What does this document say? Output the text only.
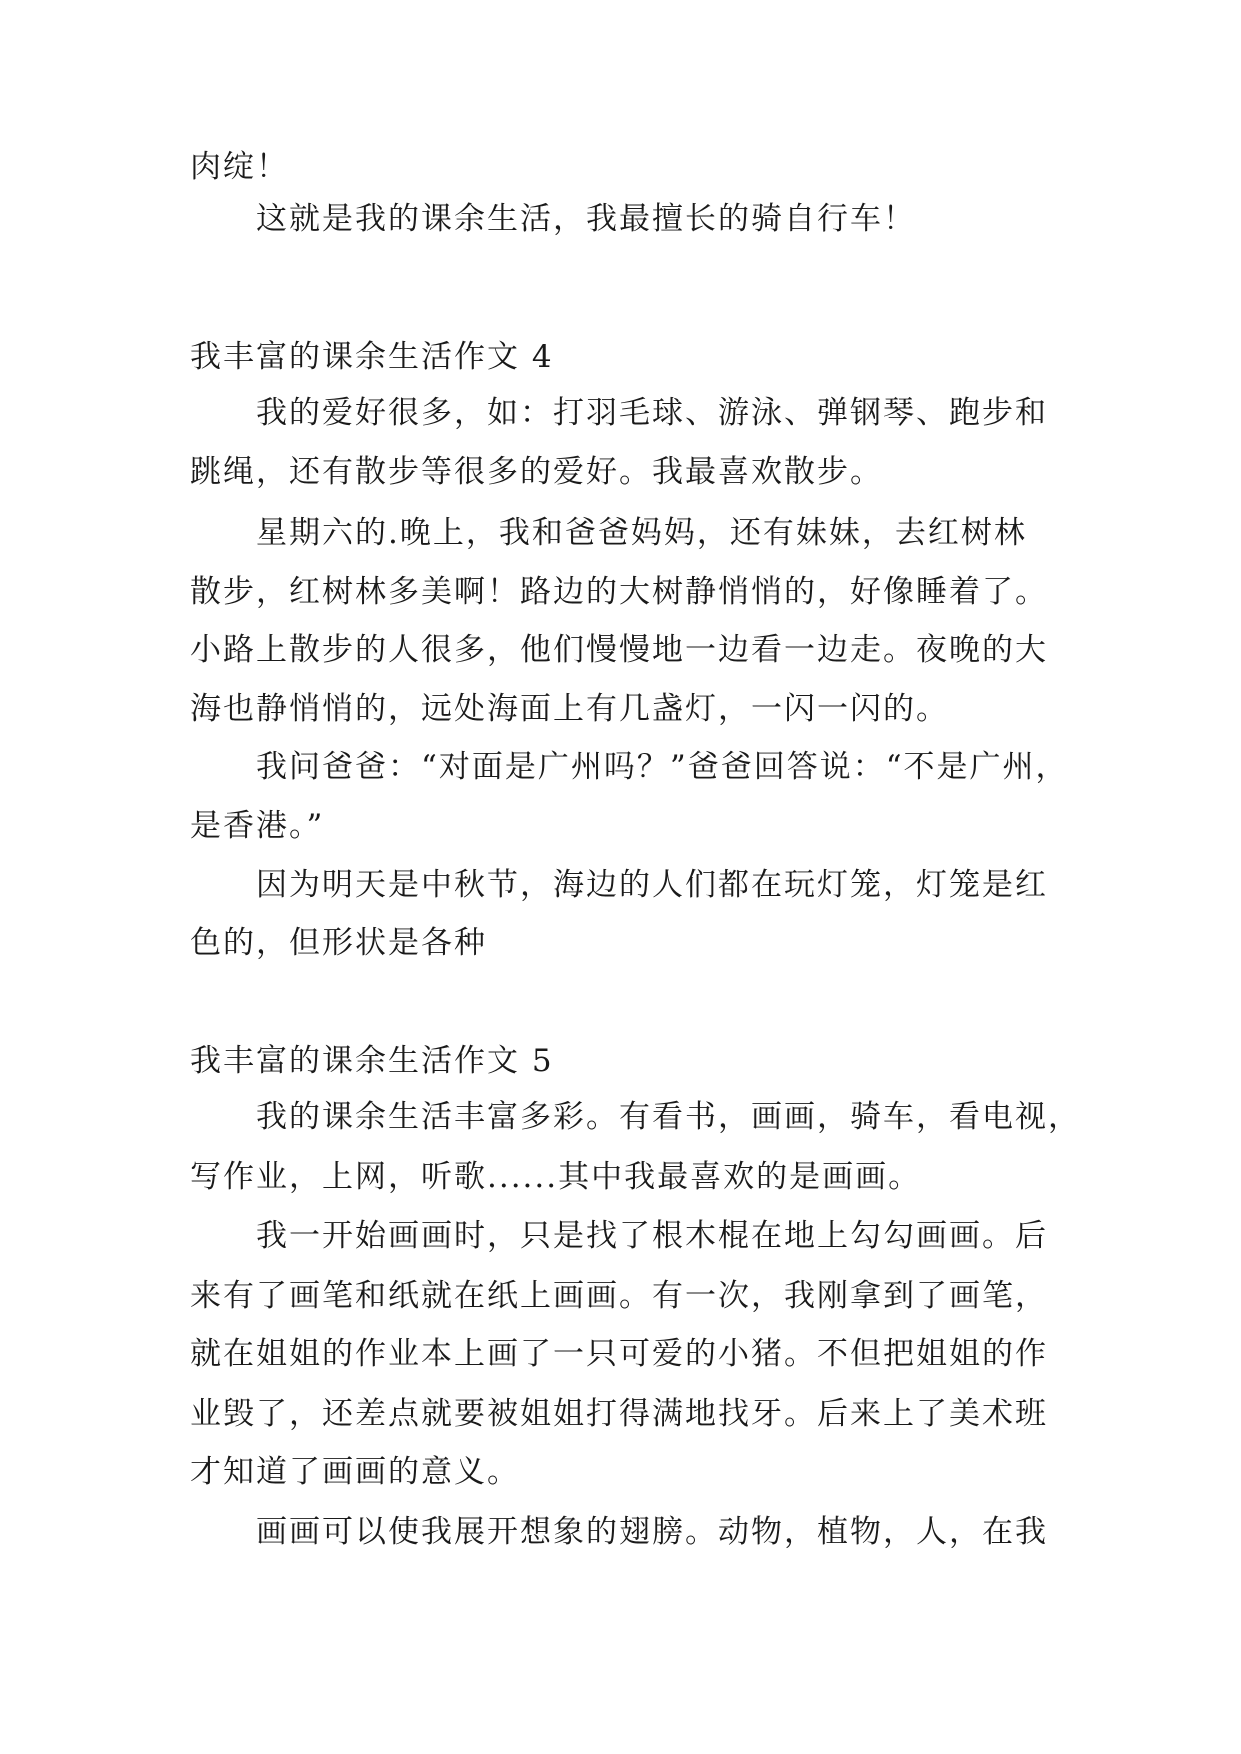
肉绽！
这就是我的课余生活，我最擅长的骑自行车！
我丰富的课余生活作文 4
我的爱好很多，如：打羽毛球、游泳、弹钢琴、跑步和
跳绳，还有散步等很多的爱好。我最喜欢散步。
星期六的.晚上，我和爸爸妈妈，还有妹妹，去红树林
散步，红树林多美啊！路边的大树静悄悄的，好像睡着了。
小路上散步的人很多，他们慢慢地一边看一边走。夜晚的大
海也静悄悄的，远处海面上有几盏灯，一闪一闪的。
我问爸爸：“对面是广州吗？”爸爸回答说：“不是广州，
是香港。”
因为明天是中秋节，海边的人们都在玩灯笼，灯笼是红
色的，但形状是各种
我丰富的课余生活作文 5
我的课余生活丰富多彩。有看书，画画，骑车，看电视，
写作业，上网，听歌......其中我最喜欢的是画画。
我一开始画画时，只是找了根木棍在地上勾勾画画。后
来有了画笔和纸就在纸上画画。有一次，我刚拿到了画笔，
就在姐姐的作业本上画了一只可爱的小猪。不但把姐姐的作
业毁了，还差点就要被姐姐打得满地找牙。后来上了美术班
才知道了画画的意义。
画画可以使我展开想象的翅膀。动物，植物，人，在我
